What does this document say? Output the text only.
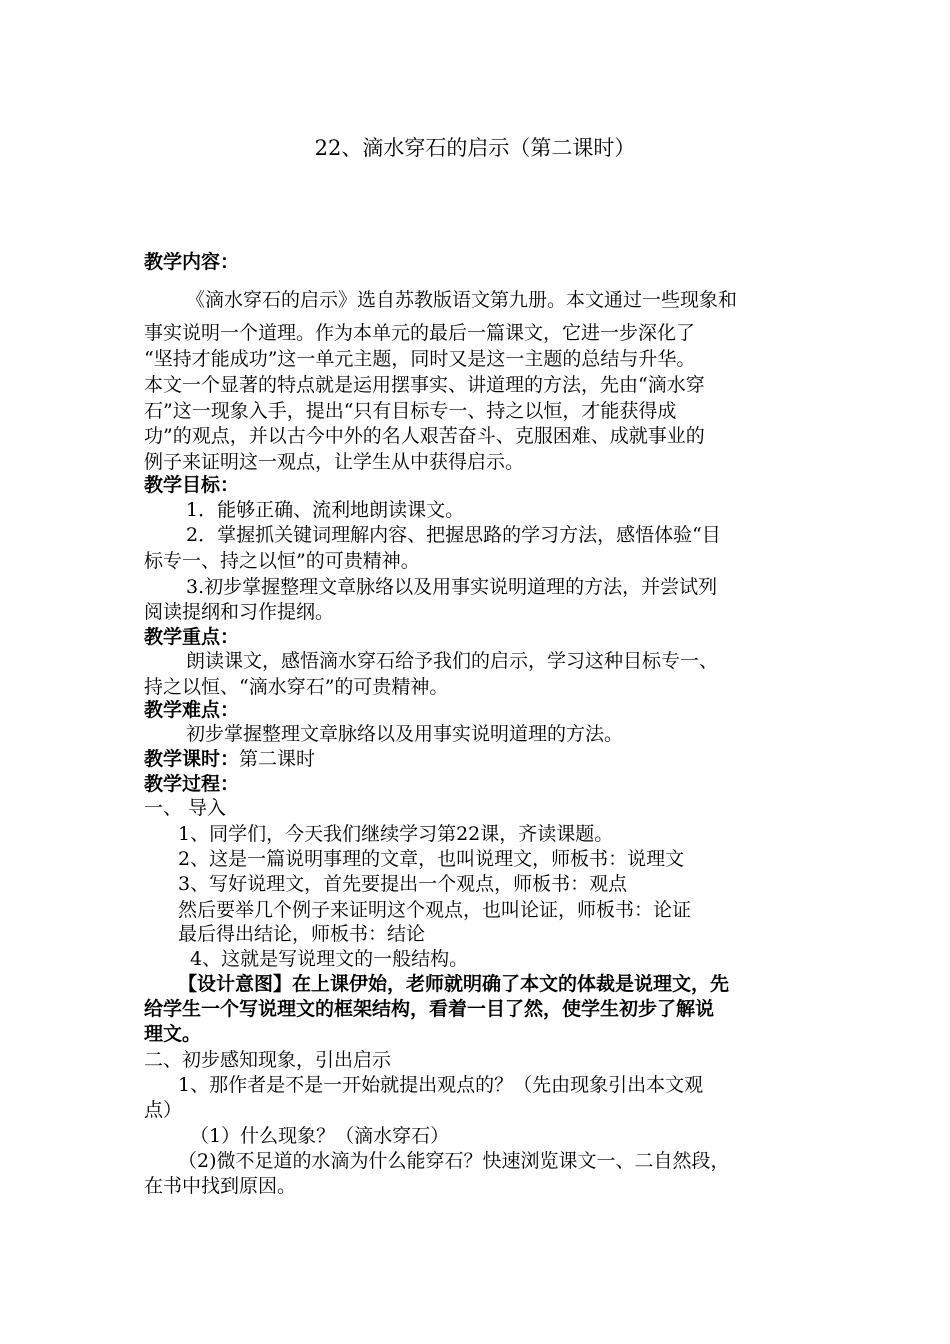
22、滴水穿石的启示（第二课时）
教学内容：
《滴水穿石的启示》选自苏教版语文第九册。本文通过一些现象和
事实说明一个道理。作为本单元的最后一篇课文，它进一步深化了
“坚持才能成功”这一单元主题，同时又是这一主题的总结与升华。
本文一个显著的特点就是运用摆事实、讲道理的方法，先由“滴水穿
石”这一现象入手，提出“只有目标专一、持之以恒，才能获得成
功”的观点，并以古今中外的名人艰苦奋斗、克服困难、成就事业的
例子来证明这一观点，让学生从中获得启示。
教学目标：
1．能够正确、流利地朗读课文。
2．掌握抓关键词理解内容、把握思路的学习方法，感悟体验“目
标专一、持之以恒”的可贵精神。
3.初步掌握整理文章脉络以及用事实说明道理的方法，并尝试列
阅读提纲和习作提纲。
教学重点：
朗读课文，感悟滴水穿石给予我们的启示，学习这种目标专一、
持之以恒、“滴水穿石”的可贵精神。
教学难点：
初步掌握整理文章脉络以及用事实说明道理的方法。
教学课时：第二课时
教学过程：
一、 导入
1、同学们，今天我们继续学习第22课，齐读课题。
2、这是一篇说明事理的文章，也叫说理文，师板书：说理文
3、写好说理文，首先要提出一个观点，师板书：观点
然后要举几个例子来证明这个观点，也叫论证，师板书：论证
最后得出结论，师板书：结论
4、这就是写说理文的一般结构。
【设计意图】在上课伊始，老师就明确了本文的体裁是说理文，先
给学生一个写说理文的框架结构，看着一目了然，使学生初步了解说
理文。
二、初步感知现象，引出启示
1、那作者是不是一开始就提出观点的？（先由现象引出本文观
点）
（1）什么现象？（滴水穿石）
（2)微不足道的水滴为什么能穿石？快速浏览课文一、二自然段，
在书中找到原因。
